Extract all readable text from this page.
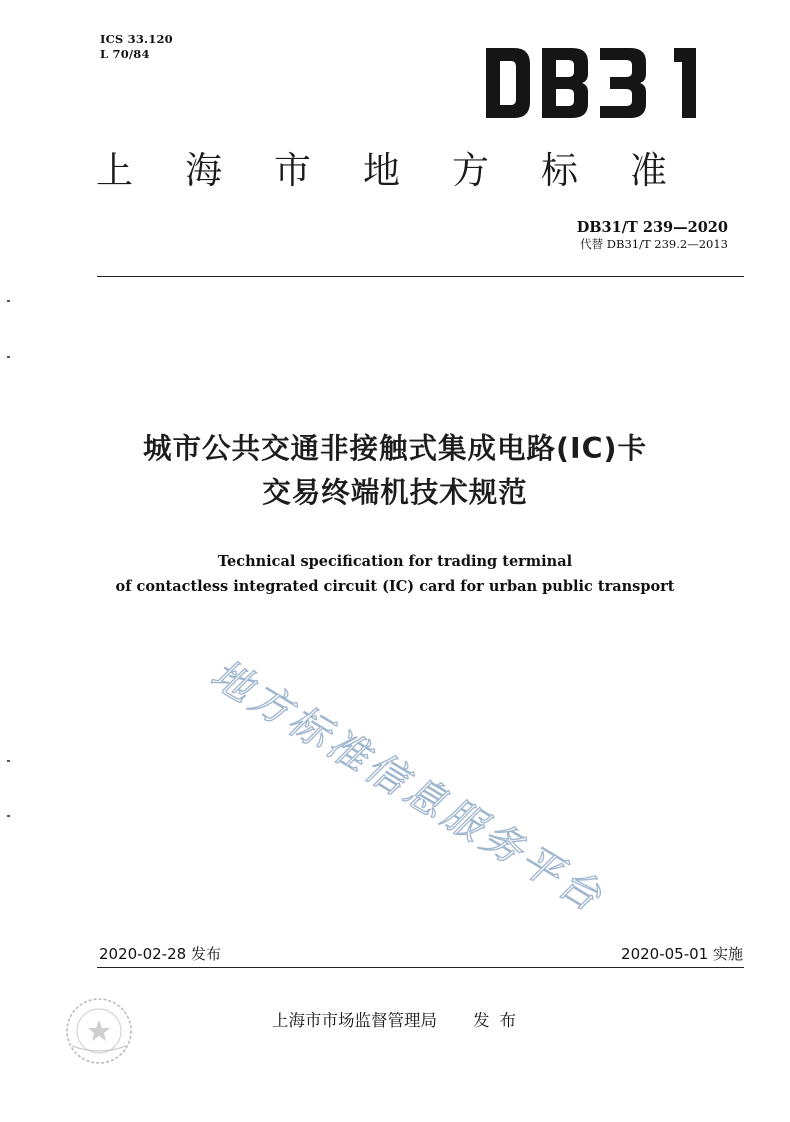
ICS 33.120
L 70/84
上海市地方标准
DB31/T 239—2020
代替 DB31/T 239.2—2013
城市公共交通非接触式集成电路(IC)卡
交易终端机技术规范
Technical specification for trading terminal
of contactless integrated circuit (IC) card for urban public transport
地方标准信息服务平台
2020-02-28 发布	2020-05-01 实施
上海市市场监督管理局 发布
